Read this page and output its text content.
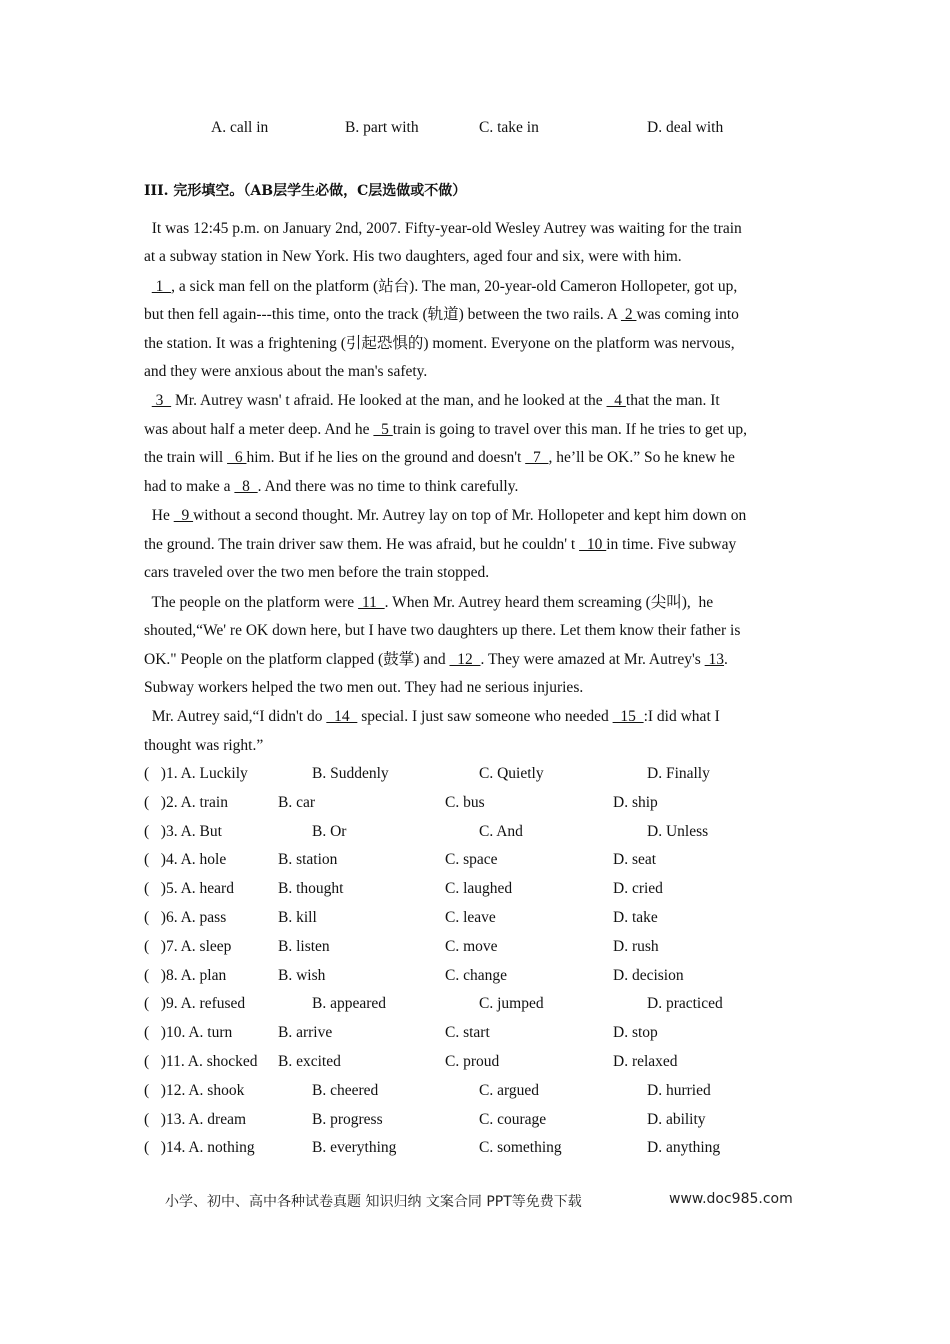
A. call in	B. part with	C. take in	D. deal with
III. 完形填空。（AB层学生必做，C层选做或不做）
It was 12:45 p.m. on January 2nd, 2007. Fifty-year-old Wesley Autrey was waiting for the train
at a subway station in New York. His two daughters, aged four and six, were with him.
1  , a sick man fell on the platform (站台). The man, 20-year-old Cameron Hollopeter, got up,
but then fell again---this time, onto the track (轨道) between the two rails. A  2 was coming into
the station. It was a frightening (引起恐惧的) moment. Everyone on the platform was nervous,
and they were anxious about the man's safety.
3   Mr. Autrey wasn' t afraid. He looked at the man, and he looked at the   4 that the man. It
was about half a meter deep. And he   5 train is going to travel over this man. If he tries to get up,
the train will   6 him. But if he lies on the ground and doesn't   7  , he’ll be OK.” So he knew he
had to make a   8  . And there was no time to think carefully.
He   9 without a second thought. Mr. Autrey lay on top of Mr. Hollopeter and kept him down on
the ground. The train driver saw them. He was afraid, but he couldn' t   10 in time. Five subway
cars traveled over the two men before the train stopped.
The people on the platform were  11  . When Mr. Autrey heard them screaming (尖叫),  he
shouted,“We' re OK down here, but I have two daughters up there. Let them know their father is
OK." People on the platform clapped (鼓掌) and   12  . They were amazed at Mr. Autrey's  13.
Subway workers helped the two men out. They had ne serious injuries.
Mr. Autrey said,“I didn't do   14   special. I just saw someone who needed   15  :I did what I
thought was right.”
(   )1. A. Luckily	B. Suddenly	C. Quietly	D. Finally
(   )2. A. train	B. car	C. bus	D. ship
(   )3. A. But	B. Or	C. And	D. Unless
(   )4. A. hole	B. station	C. space	D. seat
(   )5. A. heard	B. thought	C. laughed	D. cried
(   )6. A. pass	B. kill	C. leave	D. take
(   )7. A. sleep	B. listen	C. move	D. rush
(   )8. A. plan	B. wish	C. change	D. decision
(   )9. A. refused	B. appeared	C. jumped	D. practiced
(   )10. A. turn	B. arrive	C. start	D. stop
(   )11. A. shocked B. excited	C. proud	D. relaxed
(   )12. A. shook	B. cheered	C. argued	D. hurried
(   )13. A. dream	B. progress	C. courage	D. ability
(   )14. A. nothing	B. everything	C. something	D. anything
小学、初中、高中各种试卷真题 知识归纳 文案合同 PPT等免费下载	www.doc985.com
